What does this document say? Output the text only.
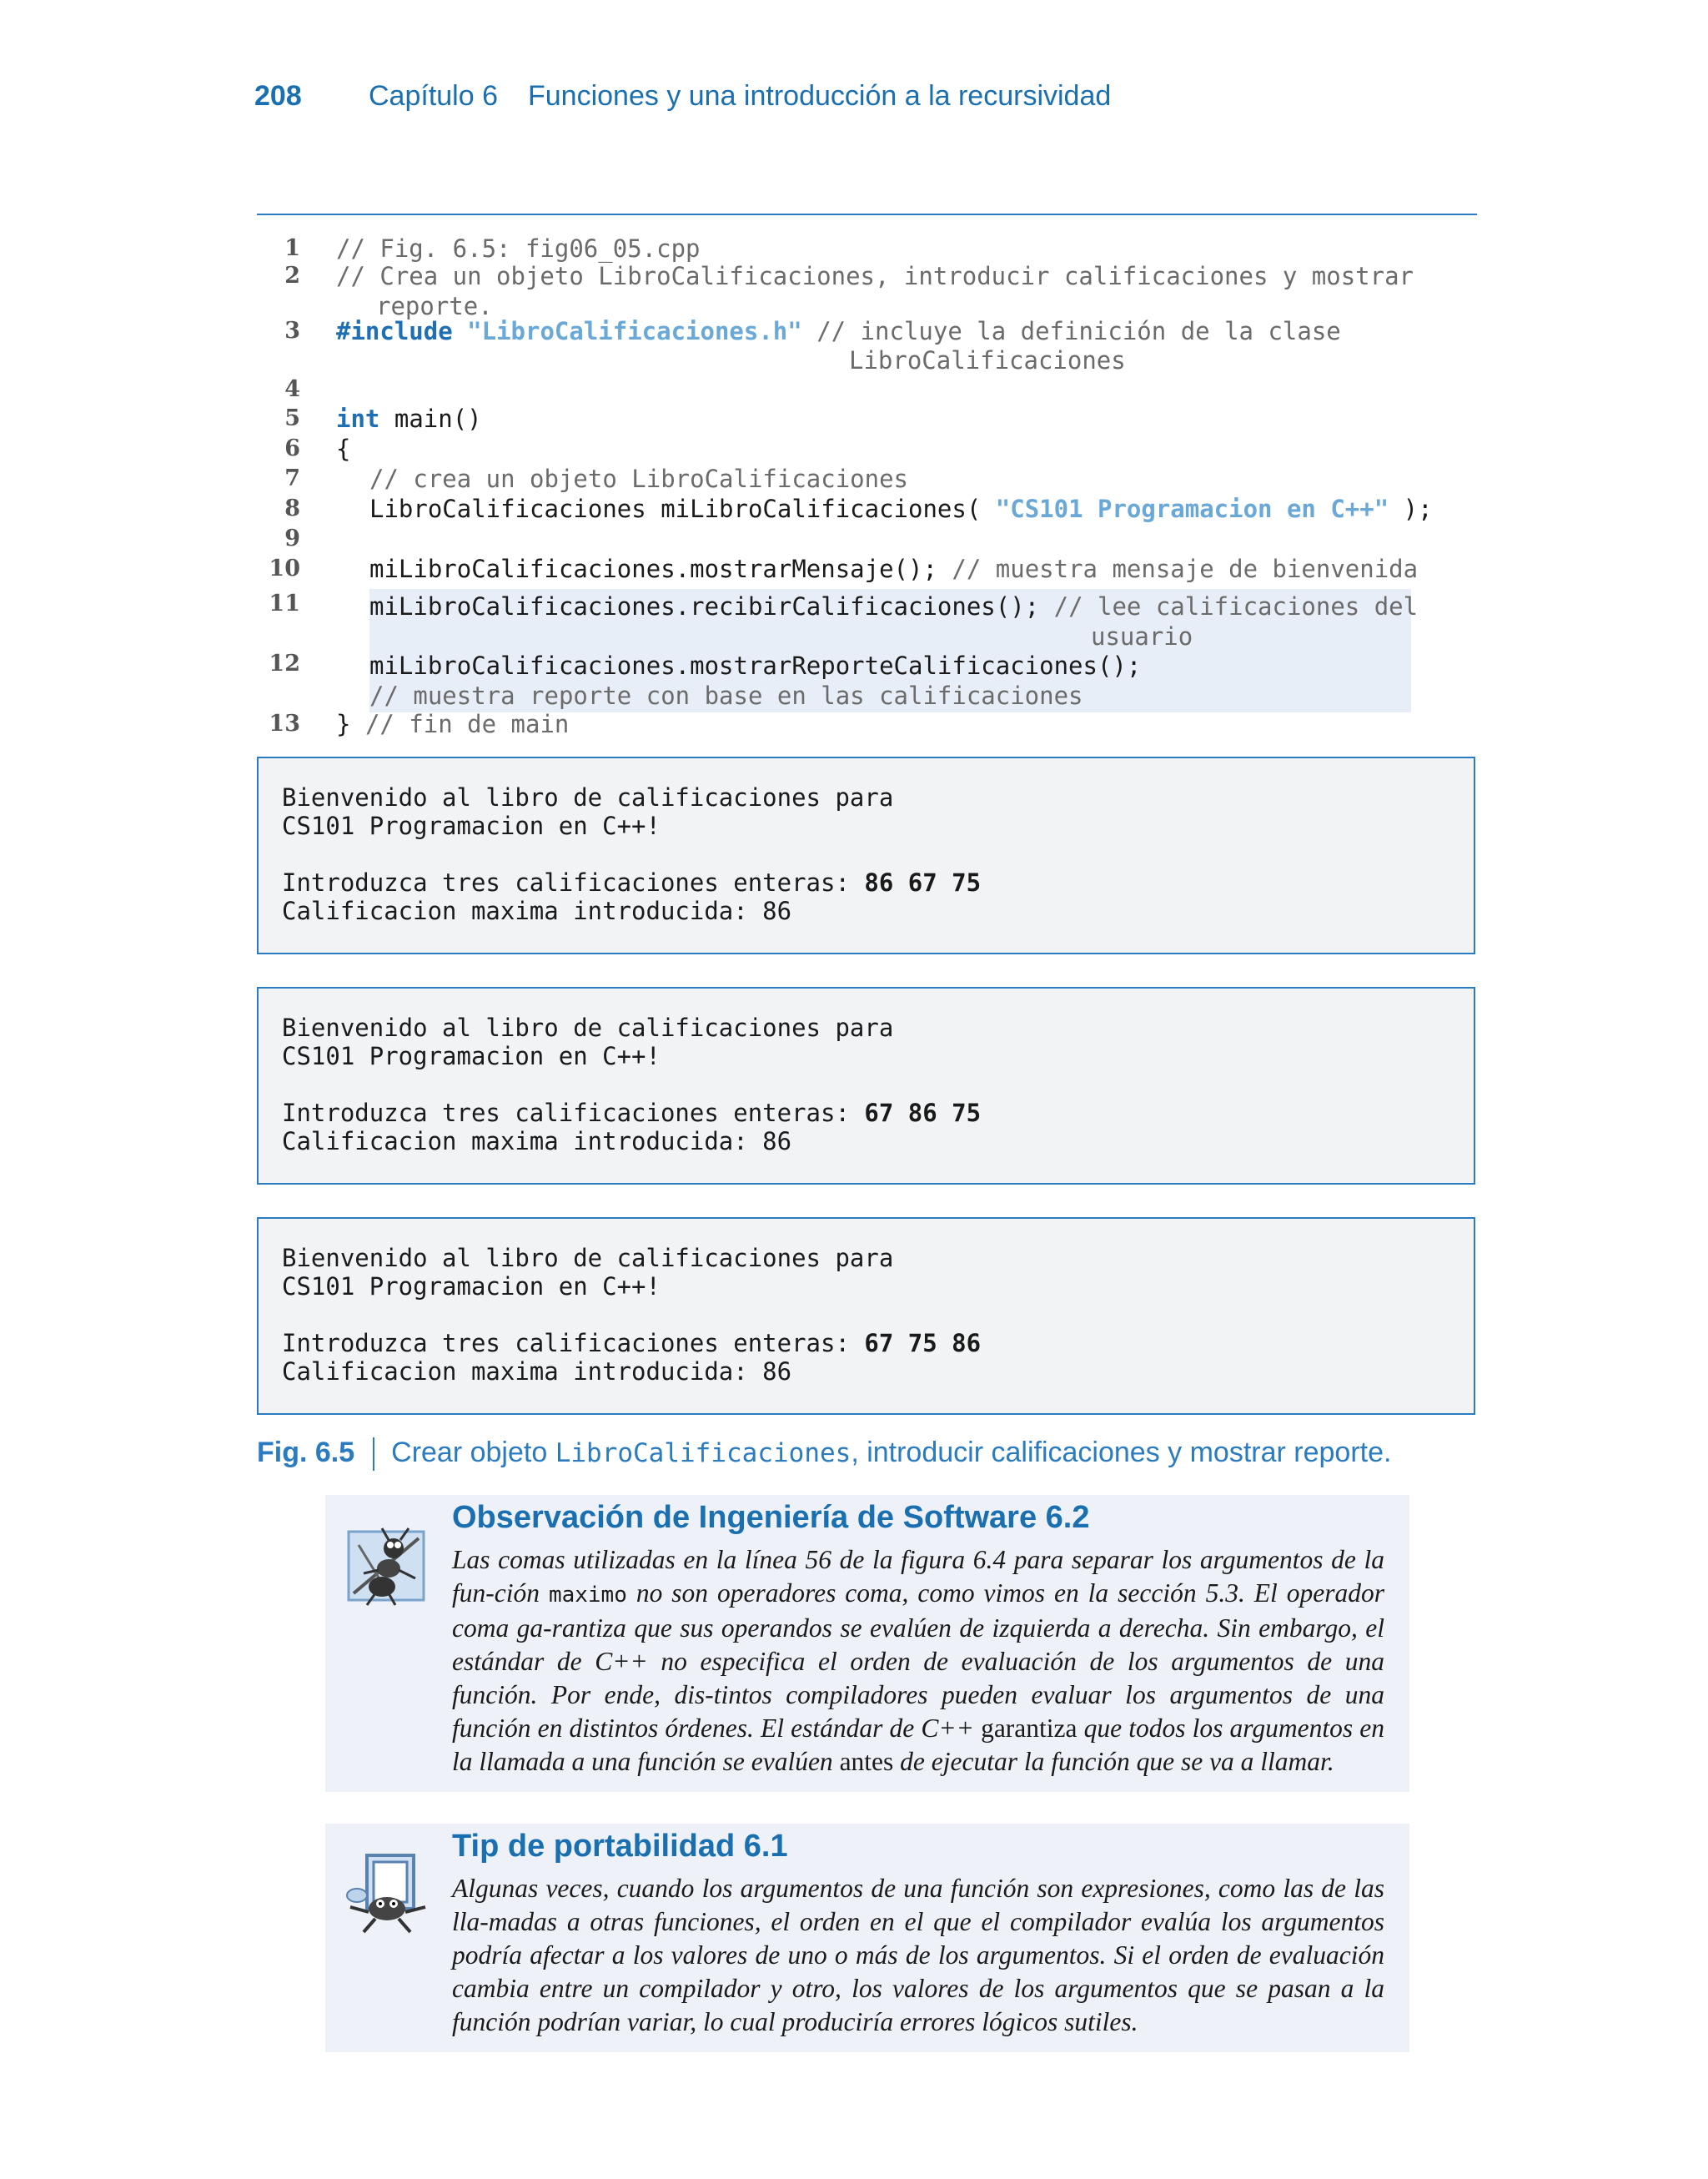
208 Capítulo 6 Funciones y una introducción a la recursividad

1

2

3

4

5

6

7

8

9

10

11

12

13

// Fig. 6.5: fig06_05.cpp

// Crea un objeto LibroCalificaciones, introducir calificaciones y mostrar

reporte.

#include "LibroCalificaciones.h" // incluye la definición de la clase

LibroCalificaciones

int main()

{

// crea un objeto LibroCalificaciones

LibroCalificaciones miLibroCalificaciones( "CS101 Programacion en C++" );

miLibroCalificaciones.mostrarMensaje(); // muestra mensaje de bienvenida

miLibroCalificaciones.recibirCalificaciones(); // lee calificaciones del

usuario

miLibroCalificaciones.mostrarReporteCalificaciones();

// muestra reporte con base en las calificaciones

} // fin de main

Bienvenido al libro de calificaciones para
CS101 Programacion en C++!
Introduzca tres calificaciones enteras: 86 67 75
Calificacion maxima introducida: 86
Bienvenido al libro de calificaciones para
CS101 Programacion en C++!
Introduzca tres calificaciones enteras: 67 86 75
Calificacion maxima introducida: 86
Bienvenido al libro de calificaciones para
CS101 Programacion en C++!
Introduzca tres calificaciones enteras: 67 75 86
Calificacion maxima introducida: 86
Fig. 6.5 Crear objeto LibroCalificaciones, introducir calificaciones y mostrar reporte.
Observación de Ingeniería de Software 6.2
Las comas utilizadas en la línea 56 de la figura 6.4 para separar los argumentos de la fun-ción maximo no son operadores coma, como vimos en la sección 5.3. El operador coma ga-rantiza que sus operandos se evalúen de izquierda a derecha. Sin embargo, el estándar de C++ no especifica el orden de evaluación de los argumentos de una función. Por ende, dis-tintos compiladores pueden evaluar los argumentos de una función en distintos órdenes. El estándar de C++ garantiza que todos los argumentos en la llamada a una función se evalúen antes de ejecutar la función que se va a llamar.
Tip de portabilidad 6.1
Algunas veces, cuando los argumentos de una función son expresiones, como las de las lla-madas a otras funciones, el orden en el que el compilador evalúa los argumentos podría afectar a los valores de uno o más de los argumentos. Si el orden de evaluación cambia entre un compilador y otro, los valores de los argumentos que se pasan a la función podrían variar, lo cual produciría errores lógicos sutiles.
